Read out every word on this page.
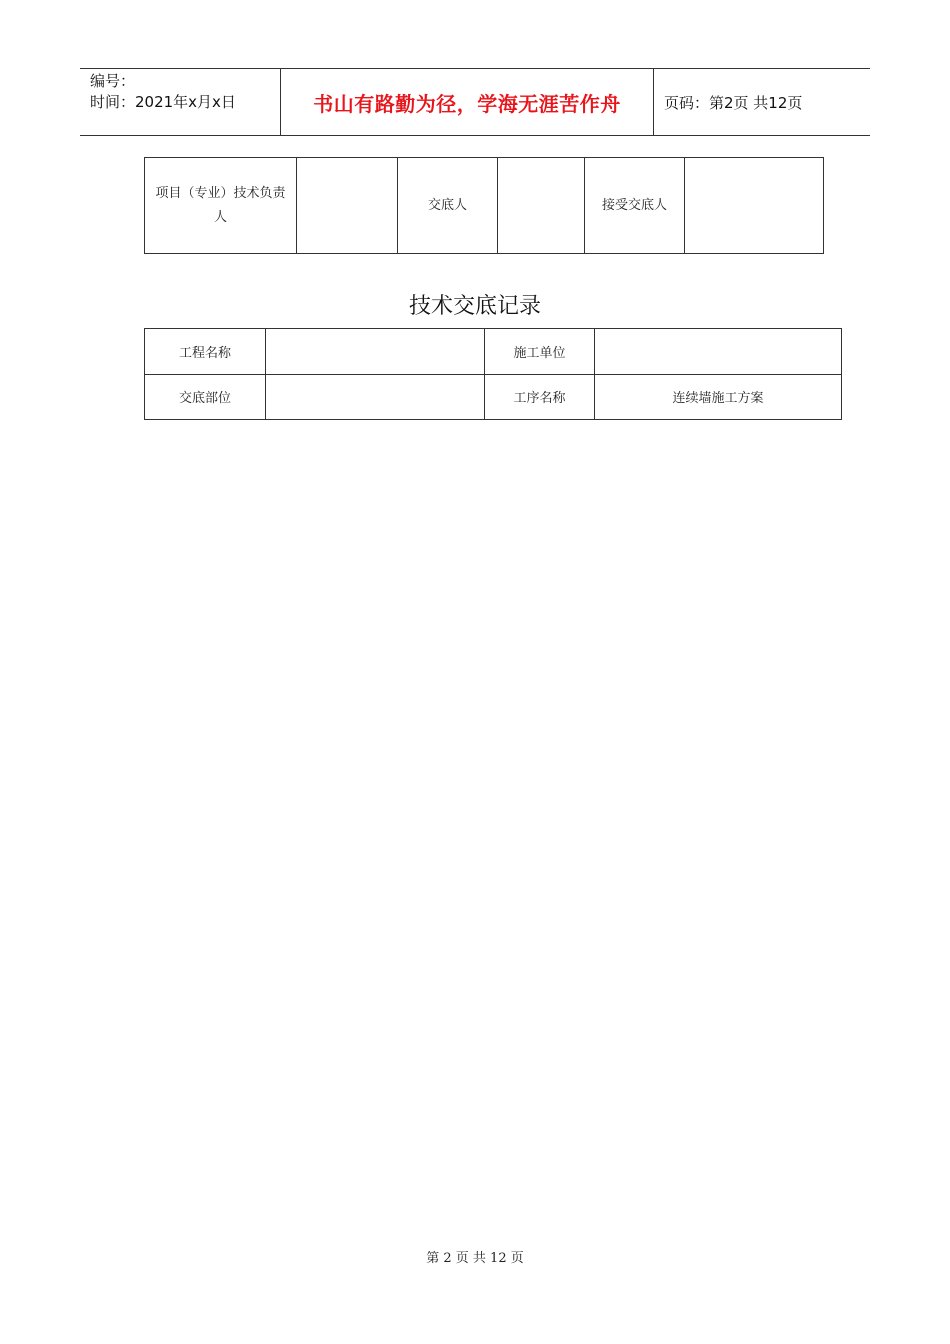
编号：
时间：2021年x月x日	书山有路勤为径，学海无涯苦作舟	页码：第2页 共12页
项目（专业）技术负责人		交底人		接受交底人	
技术交底记录
工程名称		施工单位	
交底部位		工序名称	连续墙施工方案
第 2 页 共 12 页
